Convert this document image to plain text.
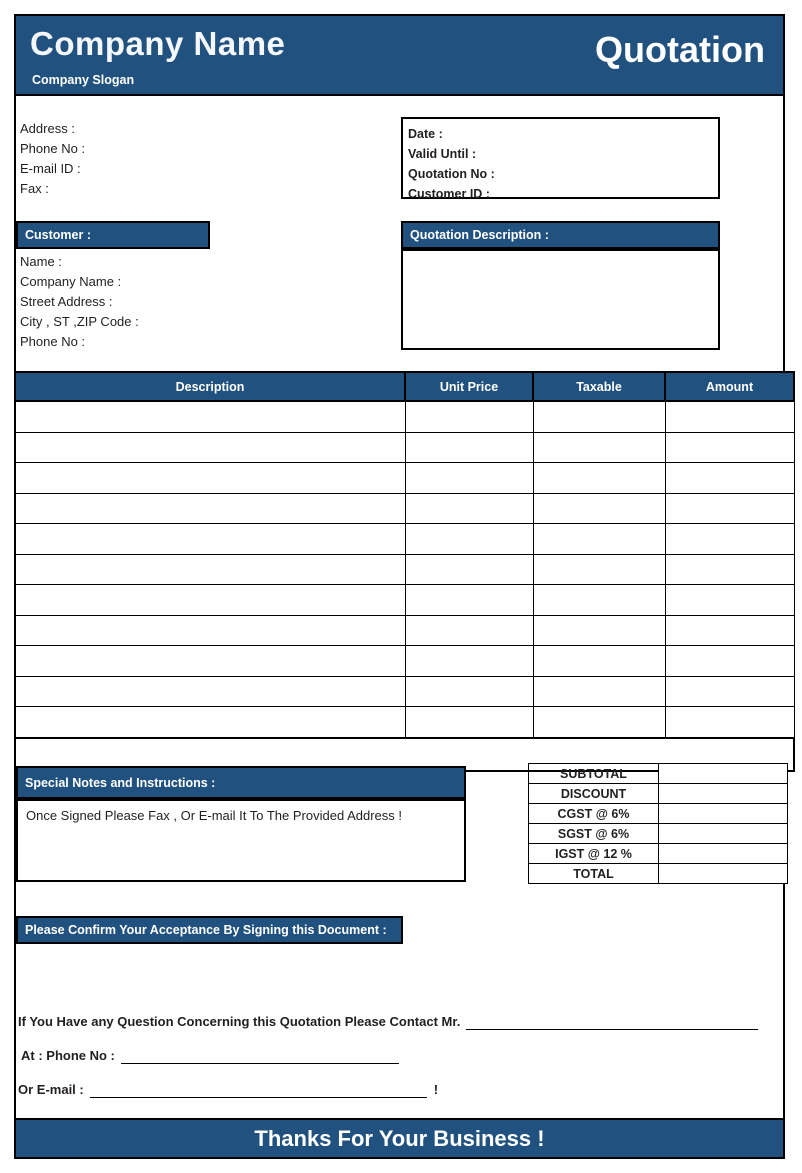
Company Name
Company Slogan
Quotation
Address :
Phone No :
E-mail ID :
Fax :
Date :
Valid Until :
Quotation No :
Customer ID :
Customer :
Name :
Company Name :
Street Address :
City , ST ,ZIP Code :
Phone No :
Quotation Description :
Description	Unit Price	Taxable	Amount

Special Notes and Instructions :
Once Signed Please Fax , Or E-mail It To The Provided Address !
SUBTOTAL	
DISCOUNT	
CGST @ 6%	
SGST @ 6%	
IGST @ 12 %	
TOTAL	
Please Confirm Your Acceptance By Signing this Document :
If You Have any Question Concerning this Quotation Please Contact Mr.
At : Phone No :
Or E-mail :	!
Thanks For Your Business !
